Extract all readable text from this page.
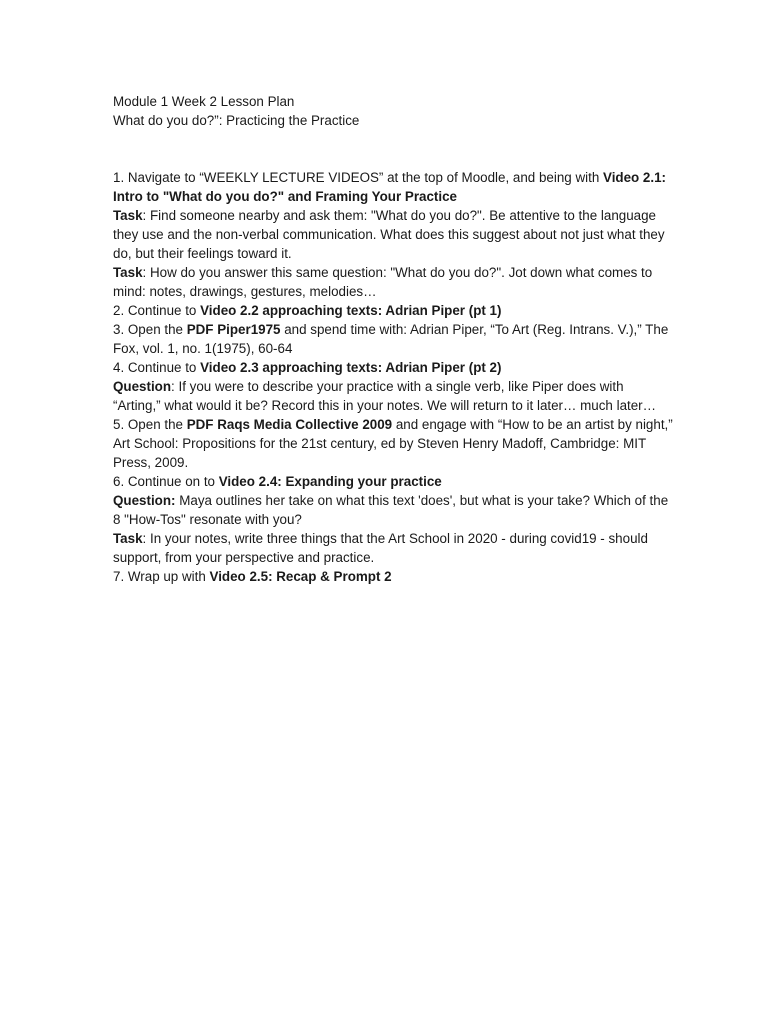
Module 1 Week 2 Lesson Plan

What do you do?”: Practicing the Practice

1. Navigate to “WEEKLY LECTURE VIDEOS” at the top of Moodle, and being with Video 2.1: Intro to "What do you do?" and Framing Your Practice

Task: Find someone nearby and ask them: "What do you do?". Be attentive to the language they use and the non-verbal communication. What does this suggest about not just what they do, but their feelings toward it.

Task: How do you answer this same question: "What do you do?". Jot down what comes to mind: notes, drawings, gestures, melodies…

2. Continue to Video 2.2 approaching texts: Adrian Piper (pt 1)

3. Open the PDF Piper1975 and spend time with: Adrian Piper, “To Art (Reg. Intrans. V.),” The Fox, vol. 1, no. 1(1975), 60-64

4. Continue to Video 2.3 approaching texts: Adrian Piper (pt 2)

Question: If you were to describe your practice with a single verb, like Piper does with “Arting,” what would it be? Record this in your notes. We will return to it later… much later…

5. Open the PDF Raqs Media Collective 2009 and engage with “How to be an artist by night,” Art School: Propositions for the 21st century, ed by Steven Henry Madoff, Cambridge: MIT Press, 2009.

6. Continue on to Video 2.4: Expanding your practice

Question: Maya outlines her take on what this text 'does', but what is your take? Which of the 8 "How-Tos" resonate with you?

Task: In your notes, write three things that the Art School in 2020 - during covid19 - should support, from your perspective and practice.

7. Wrap up with Video 2.5: Recap & Prompt 2
